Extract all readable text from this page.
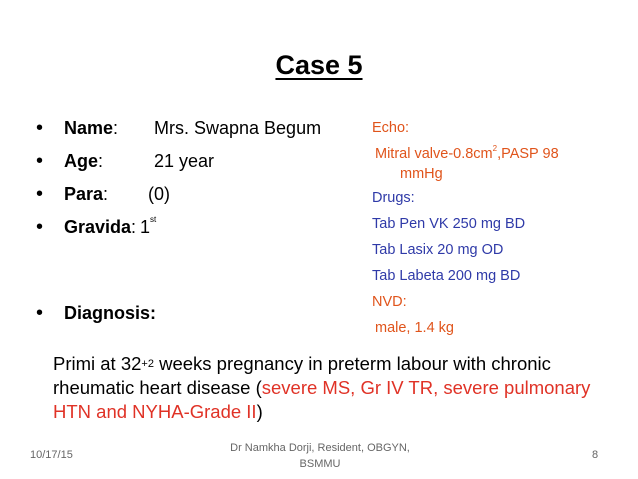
Case 5
• Name: Mrs. Swapna Begum
• Age:	21 year
• Para: (0)
• Gravida: 1st
• Diagnosis:
Echo:
Mitral valve-$0.8cm^2,PASP$ 98
mmHg
Drugs:
Tab Pen VK 250 mg BD
Tab Lasix 20 mg OD
Tab Labeta 200 mg BD
NVD:
male, 1.4 kg
Primi at $32^{+2}$ weeks pregnancy in preterm labour with chronic rheumatic heart disease (severe MS, Gr IV TR, severe pulmonary HTN and NYHA-Grade II)
10/17/15
Dr Namkha Dorji, Resident, OBGYN,
BSMMU
8
